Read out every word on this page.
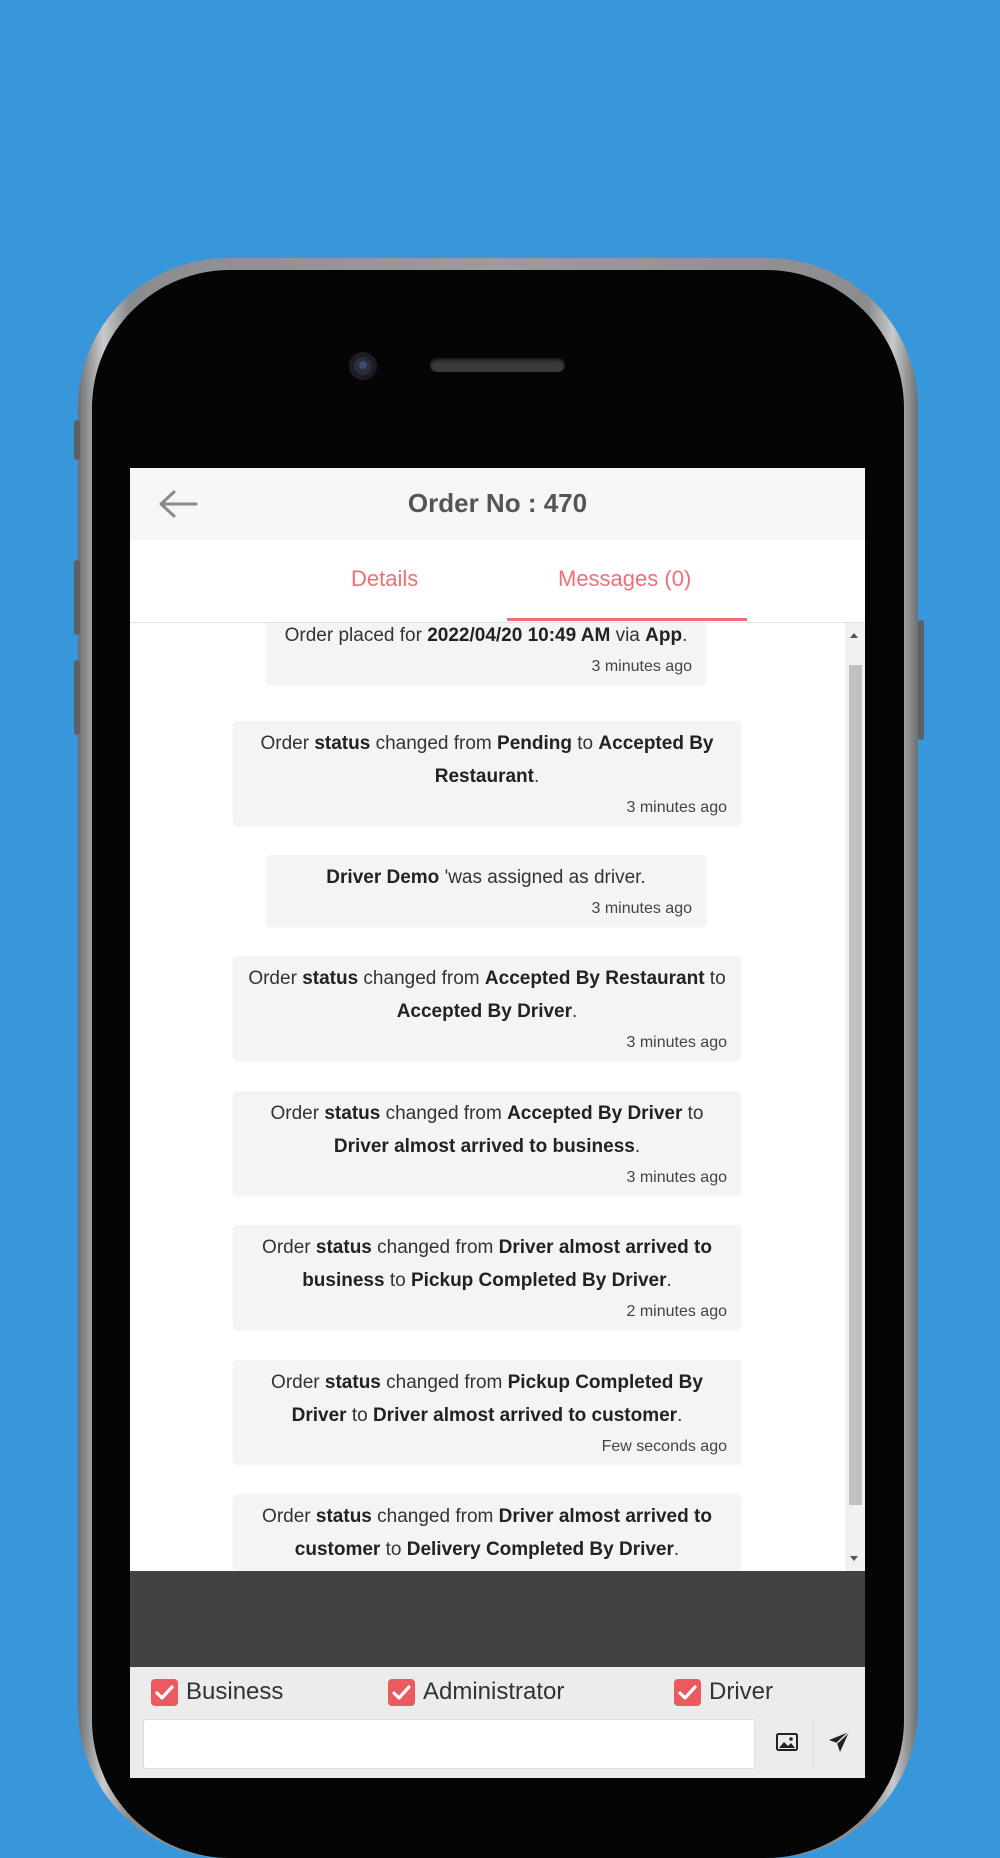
Order No : 470
Details	Messages (0)
Order placed for 2022/04/20 10:49 AM via App.
3 minutes ago
Order status changed from Pending to Accepted By Restaurant.
3 minutes ago
Driver Demo 'was assigned as driver.
3 minutes ago
Order status changed from Accepted By Restaurant to Accepted By Driver.
3 minutes ago
Order status changed from Accepted By Driver to Driver almost arrived to business.
3 minutes ago
Order status changed from Driver almost arrived to business to Pickup Completed By Driver.
2 minutes ago
Order status changed from Pickup Completed By Driver to Driver almost arrived to customer.
Few seconds ago
Order status changed from Driver almost arrived to customer to Delivery Completed By Driver.
Business	Administrator	Driver
